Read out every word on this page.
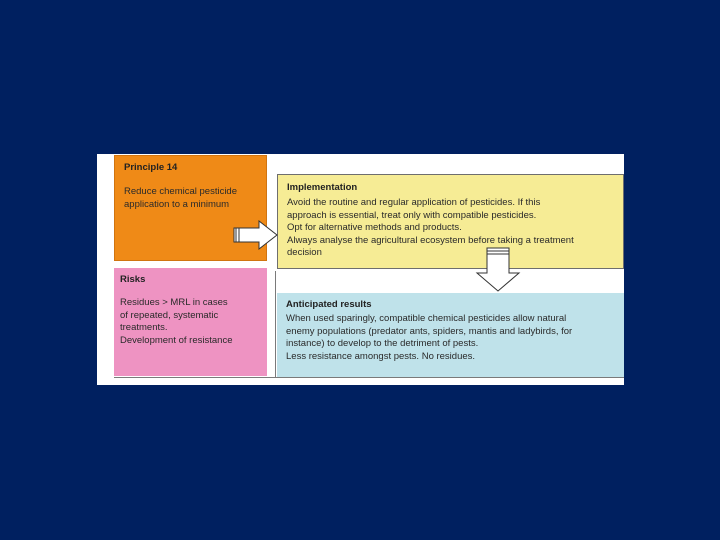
Principle 14
Reduce chemical pesticide
application to a minimum
Implementation
Avoid the routine and regular application of pesticides. If this
approach is essential, treat only with compatible pesticides.
Opt for alternative methods and products.
Always analyse the agricultural ecosystem before taking a treatment
decision
Risks
Residues > MRL in cases
of repeated, systematic
treatments.
Development of resistance
Anticipated results
When used sparingly, compatible chemical pesticides allow natural
enemy populations (predator ants, spiders, mantis and ladybirds, for
instance) to develop to the detriment of pests.
Less resistance amongst pests. No residues.
